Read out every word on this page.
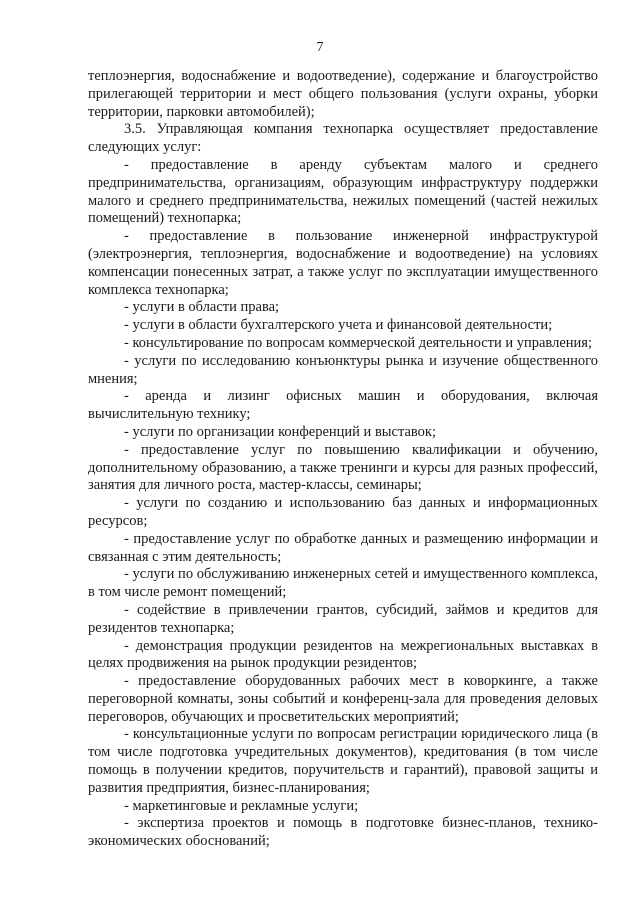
7

теплоэнергия, водоснабжение и водоотведение), содержание и благоустройство прилегающей территории и мест общего пользования (услуги охраны, уборки территории, парковки автомобилей);

3.5. Управляющая компания технопарка осуществляет предоставление следующих услуг:

- предоставление в аренду субъектам малого и среднего предпринимательства, организациям, образующим инфраструктуру поддержки малого и среднего предпринимательства, нежилых помещений (частей нежилых помещений) технопарка;

- предоставление в пользование инженерной инфраструктурой (электроэнергия, теплоэнергия, водоснабжение и водоотведение) на условиях компенсации понесенных затрат, а также услуг по эксплуатации имущественного комплекса технопарка;

- услуги в области права;

- услуги в области бухгалтерского учета и финансовой деятельности;

- консультирование по вопросам коммерческой деятельности и управления;

- услуги по исследованию конъюнктуры рынка и изучение общественного мнения;

- аренда и лизинг офисных машин и оборудования, включая вычислительную технику;

- услуги по организации конференций и выставок;

- предоставление услуг по повышению квалификации и обучению, дополнительному образованию, а также тренинги и курсы для разных профессий, занятия для личного роста, мастер-классы, семинары;

- услуги по созданию и использованию баз данных и информационных ресурсов;

- предоставление услуг по обработке данных и размещению информации и связанная с этим деятельность;

- услуги по обслуживанию инженерных сетей и имущественного комплекса, в том числе ремонт помещений;

- содействие в привлечении грантов, субсидий, займов и кредитов для резидентов технопарка;

- демонстрация продукции резидентов на межрегиональных выставках в целях продвижения на рынок продукции резидентов;

- предоставление оборудованных рабочих мест в коворкинге, а также переговорной комнаты, зоны событий и конференц-зала для проведения деловых переговоров, обучающих и просветительских мероприятий;

- консультационные услуги по вопросам регистрации юридического лица (в том числе подготовка учредительных документов), кредитования (в том числе помощь в получении кредитов, поручительств и гарантий), правовой защиты и развития предприятия, бизнес-планирования;

- маркетинговые и рекламные услуги;

- экспертиза проектов и помощь в подготовке бизнес-планов, технико-экономических обоснований;
